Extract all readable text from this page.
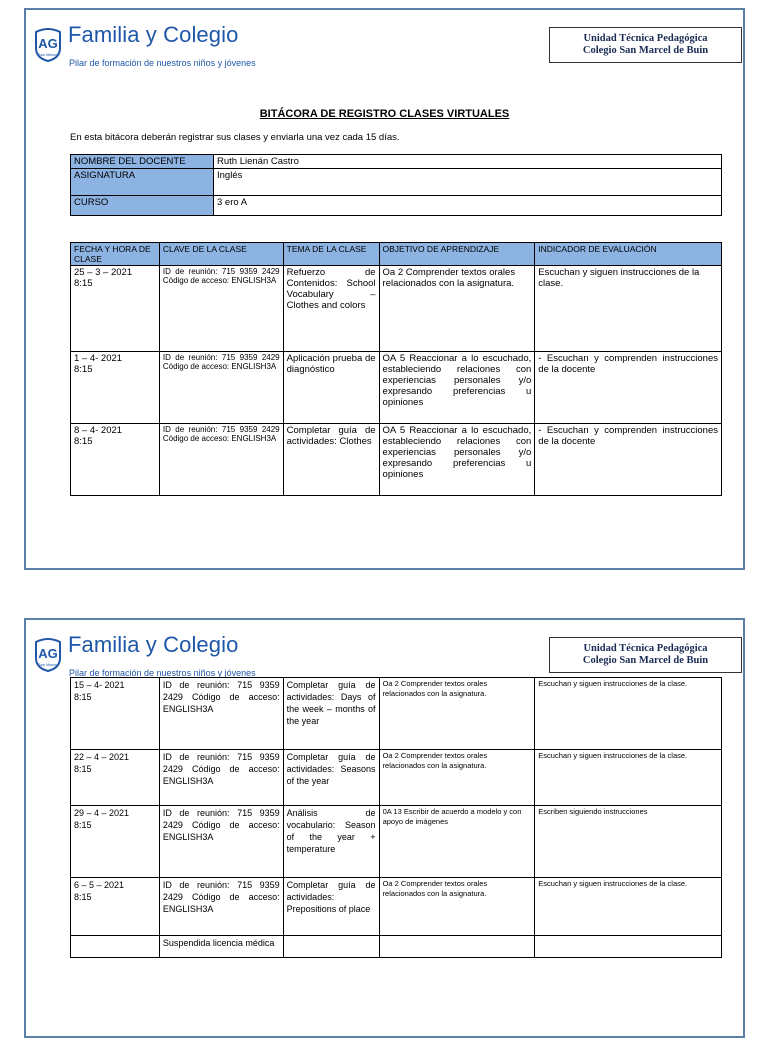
AG
San Marcel
Familia y Colegio
Pilar de formación de nuestros niños y jóvenes
Unidad Técnica Pedagógica
Colegio San Marcel de Buin
BITÁCORA DE REGISTRO CLASES VIRTUALES
En esta bitácora deberán registrar sus clases y enviarla una vez cada 15 días.
NOMBRE DEL DOCENTE	Ruth Lienán Castro
ASIGNATURA	Inglés
CURSO	3 ero A
FECHA Y HORA DE CLASE	CLAVE DE LA CLASE	TEMA DE LA CLASE	OBJETIVO DE APRENDIZAJE	INDICADOR DE EVALUACIÓN

25 – 3 – 2021
8:15	ID de reunión: 715 9359 2429 Código de acceso: ENGLISH3A	Refuerzo de Contenidos: School Vocabulary – Clothes and colors	Oa 2 Comprender textos orales relacionados con la asignatura.	Escuchan y siguen instrucciones de la clase.

1 – 4- 2021
8:15	ID de reunión: 715 9359 2429 Código de acceso: ENGLISH3A	Aplicación prueba de diagnóstico	OA 5 Reaccionar a lo escuchado, estableciendo relaciones con experiencias personales y/o expresando preferencias u opiniones	- Escuchan y comprenden instrucciones de la docente

8 – 4- 2021
8:15	ID de reunión: 715 9359 2429 Código de acceso: ENGLISH3A	Completar guía de actividades: Clothes	OA 5 Reaccionar a lo escuchado, estableciendo relaciones con experiencias personales y/o expresando preferencias u opiniones	- Escuchan y comprenden instrucciones de la docente
AG
San Marcel
Familia y Colegio
Pilar de formación de nuestros niños y jóvenes
Unidad Técnica Pedagógica
Colegio San Marcel de Buin
15 – 4- 2021
8:15	ID de reunión: 715 9359 2429 Código de acceso: ENGLISH3A	Completar guía de actividades: Days of the week – months of the year	Oa 2 Comprender textos orales relacionados con la asignatura.	Escuchan y siguen instrucciones de la clase.

22 – 4 – 2021
8:15	ID de reunión: 715 9359 2429 Código de acceso: ENGLISH3A	Completar guía de actividades: Seasons of the year	Oa 2 Comprender textos orales relacionados con la asignatura.	Escuchan y siguen instrucciones de la clase.

29 – 4 – 2021
8:15	ID de reunión: 715 9359 2429 Código de acceso: ENGLISH3A	Análisis de vocabulario: Season of the year + temperature	0A 13 Escribir de acuerdo a modelo y con apoyo de imágenes	Escriben siguiendo instrucciones

6 – 5 – 2021
8:15	ID de reunión: 715 9359 2429 Código de acceso: ENGLISH3A	Completar guía de actividades: Prepositions of place	Oa 2 Comprender textos orales relacionados con la asignatura.	Escuchan y siguen instrucciones de la clase.

	Suspendida licencia médica			
